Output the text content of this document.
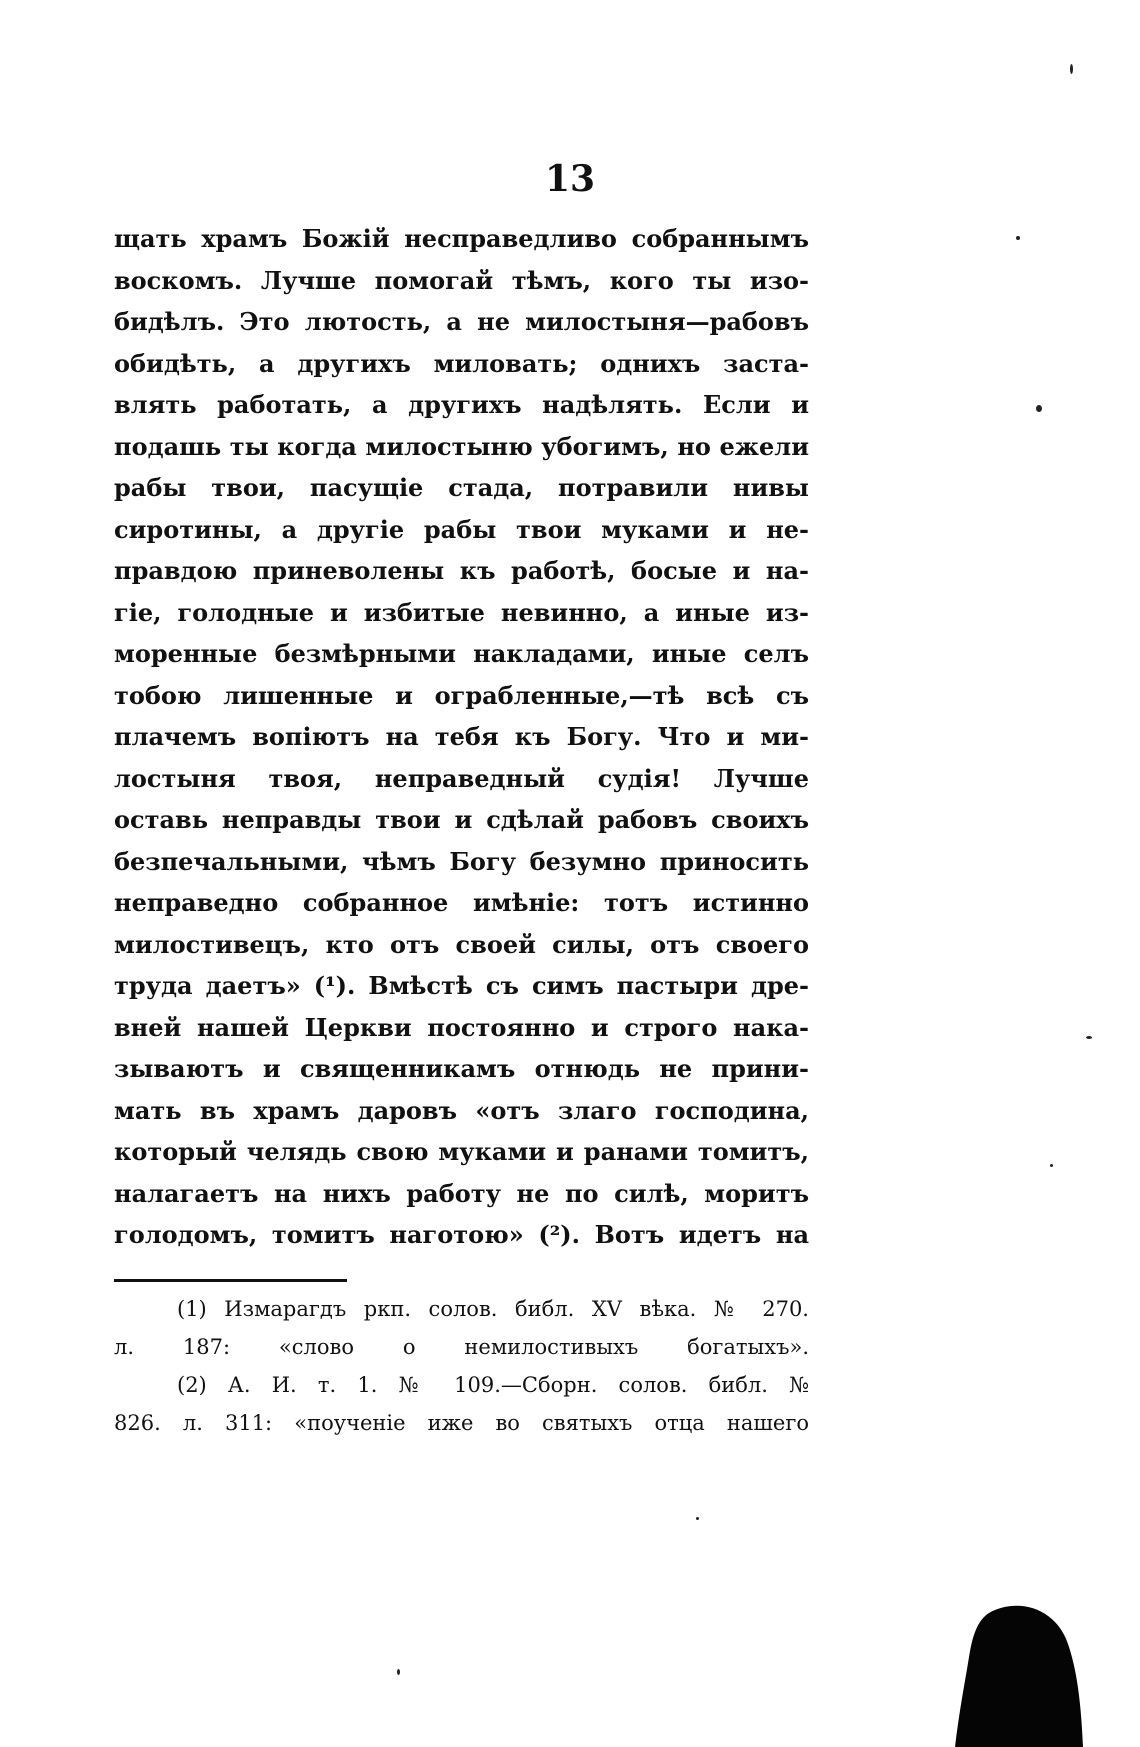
13
щать храмъ Божій несправедливо собраннымъ
воскомъ. Лучше помогай тѣмъ, кого ты изо-
бидѣлъ. Это лютость, а не милостыня—рабовъ
обидѣть, а другихъ миловать; однихъ заста-
влять работать, а другихъ надѣлять. Если и
подашь ты когда милостыню убогимъ, но ежели
рабы твои, пасущіе стада, потравили нивы
сиротины, а другіе рабы твои муками и не-
правдою приневолены къ работѣ, босые и на-
гіе, голодные и избитые невинно, а иные из-
моренные безмѣрными накладами, иные селъ
тобою лишенные и ограбленные,—тѣ всѣ съ
плачемъ вопіютъ на тебя къ Богу. Что и ми-
лостыня твоя, неправедный судія! Лучше
оставь неправды твои и сдѣлай рабовъ своихъ
безпечальными, чѣмъ Богу безумно приносить
неправедно собранное имѣніе: тотъ истинно
милостивецъ, кто отъ своей силы, отъ своего
труда даетъ» (¹). Вмѣстѣ съ симъ пастыри дре-
вней нашей Церкви постоянно и строго нака-
зываютъ и священникамъ отнюдь не прини-
мать въ храмъ даровъ «отъ злаго господина,
который челядь свою муками и ранами томитъ,
налагаетъ на нихъ работу не по силѣ, моритъ
голодомъ, томитъ наготою» (²). Вотъ идетъ на
(1) Измарагдъ ркп. солов. библ. XV вѣка. № 270.
л. 187: «слово о немилостивыхъ богатыхъ».
(2) А. И. т. 1. № 109.—Сборн. солов. библ. №
826. л. 311: «поученіе иже во святыхъ отца нашего
